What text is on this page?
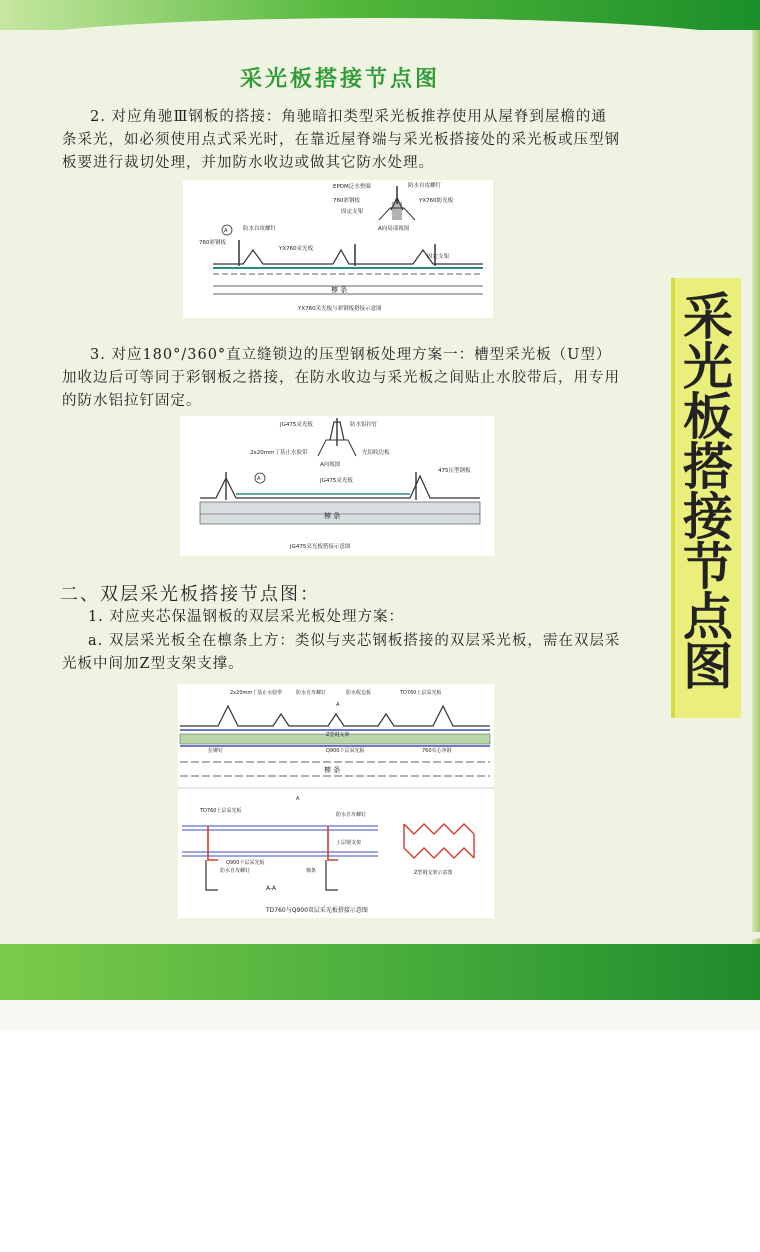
采光板搭接节点图
2. 对应角驰Ⅲ钢板的搭接：角驰暗扣类型采光板推荐使用从屋脊到屋檐的通条采光，如必须使用点式采光时，在靠近屋脊端与采光板搭接处的采光板或压型钢板要进行裁切处理，并加防水收边或做其它防水处理。
EPDM泛水垫圈	防水自攻螺钉
760彩钢板	YX760防光板
固定支架
A向局部视图
A	防水自攻螺钉
760彩钢板
YX760采光板
固定支架
檩 条
YX760采光板与彩钢板搭接示意图
3. 对应180°/360°直立缝锁边的压型钢板处理方案一：槽型采光板（U型）加收边后可等同于彩钢板之搭接，在防水收边与采光板之间贴止水胶带后，用专用的防水铝拉钉固定。
JG475采光板	防水铝拉钉
2x20mm丁基止水胶带	光铝收边板
A向视图
475压型钢板
JG475采光板
A
檩 条
JG475采光板搭接示意图
二、双层采光板搭接节点图：
1. 对应夹芯保温钢板的双层采光板处理方案：
a. 双层采光板全在檩条上方：类似与夹芯钢板搭接的双层采光板，需在双层采光板中间加Z型支架支撑。
2x20mm丁基止水胶带	防水自攻螺钉	防水收边板	TD760上层采光板
A
Z型钢支架
拉铆钉	Q900下层采光板	760夹心净钢
檩 条
A
TD760上层采光板
防水自攻螺钉
上层钢支架
Q900下层采光板
防水自攻螺钉	檩条
A-A
Z型钢支架示意图
TD760与Q900双层采光板搭接示意图
采光板搭接节点图
